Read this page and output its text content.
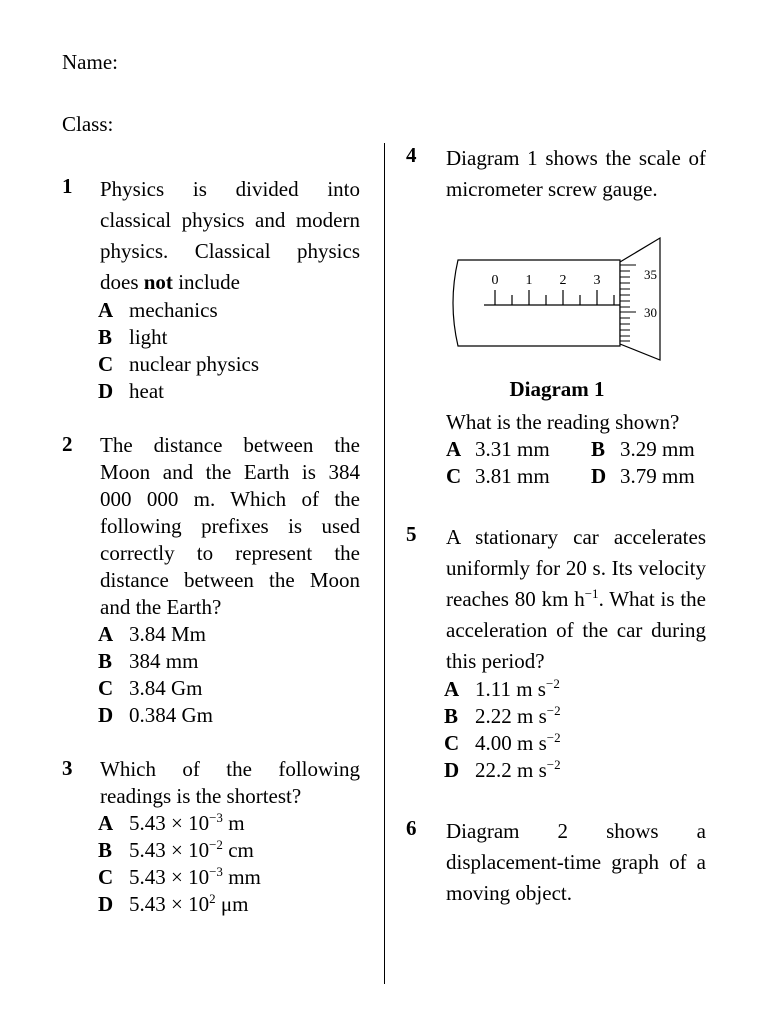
Name:
Class:
1 Physics is divided into classical physics and modern physics. Classical physics does not include
A mechanics
B light
C nuclear physics
D heat
2 The distance between the Moon and the Earth is 384 000 000 m. Which of the following prefixes is used correctly to represent the distance between the Moon and the Earth?
A 3.84 Mm
B 384 mm
C 3.84 Gm
D 0.384 Gm
3 Which of the following readings is the shortest?
A $5.43 \times 10^{-3}$ m
B $5.43 \times 10^{-2}$ cm
C $5.43 \times 10^{-3}$ mm
D $5.43 \times 10^2$ μm
4 Diagram 1 shows the scale of micrometer screw gauge.
0 1 2 3	35
30
Diagram 1
What is the reading shown?
A 3.31 mm B 3.29 mm
C 3.81 mm D 3.79 mm
5 A stationary car accelerates uniformly for 20 s. Its velocity reaches 80 km $h^{-1}$. What is the acceleration of the car during this period?
A 1.11 m $s^{-2}$
B 2.22 m $s^{-2}$
C 4.00 m $s^{-2}$
D 22.2 m $s^{-2}$
6 Diagram 2 shows a displacement-time graph of a moving object.
